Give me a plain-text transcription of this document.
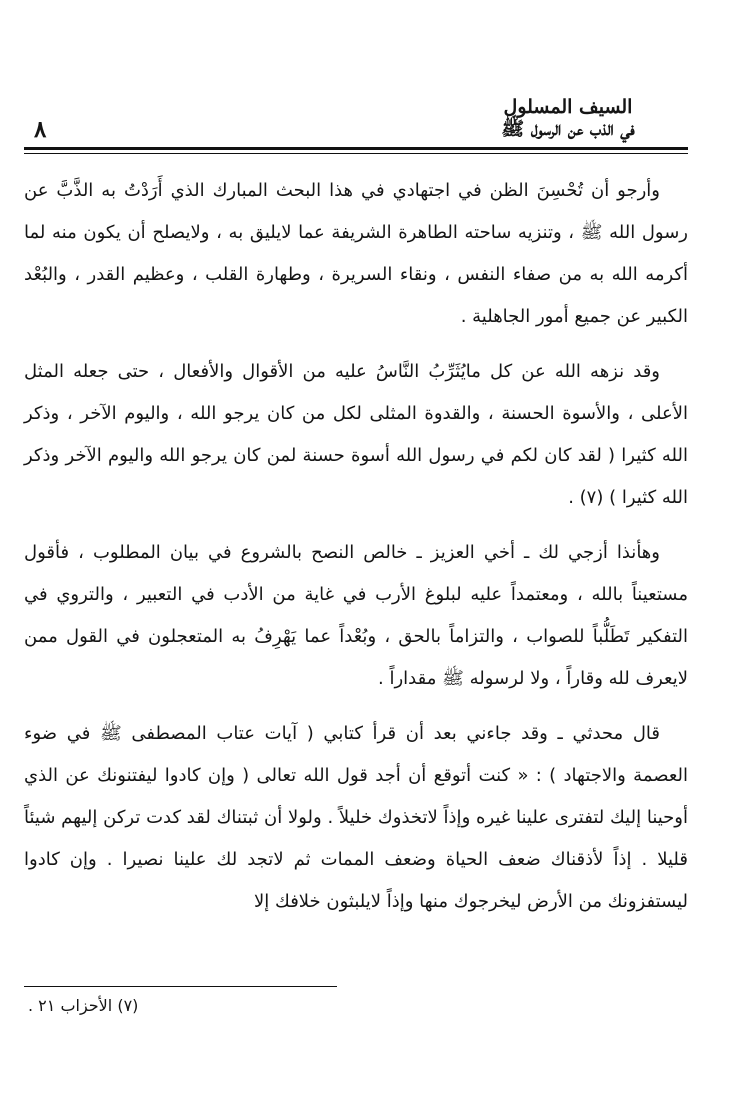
السيف المسلول
في الذب عن الرسول ﷺ
٨

وأرجو أن تُحْسِنَ الظن في اجتهادي في هذا البحث المبارك الذي أَرَدْتُ به الذَّبَّ عن رسول الله ﷺ ، وتنزيه ساحته الطاهرة الشريفة عما لايليق به ، ولايصلح أن يكون منه لما أكرمه الله به من صفاء النفس ، ونقاء السريرة ، وطهارة القلب ، وعظيم القدر ، والبُعْد الكبير عن جميع أمور الجاهلية .

وقد نزهه الله عن كل مايُثَرِّبُ النَّاسُ عليه من الأقوال والأفعال ، حتى جعله المثل الأعلى ، والأسوة الحسنة ، والقدوة المثلى لكل من كان يرجو الله ، واليوم الآخر ، وذكر الله كثيرا ( لقد كان لكم في رسول الله أسوة حسنة لمن كان يرجو الله واليوم الآخر وذكر الله كثيرا ) (٧) .

وهأنذا أزجي لك ـ أخي العزيز ـ خالص النصح بالشروع في بيان المطلوب ، فأقول مستعيناً بالله ، ومعتمداً عليه لبلوغ الأرب في غاية من الأدب في التعبير ، والتروي في التفكير تَطَلُّباً للصواب ، والتزاماً بالحق ، وبُعْداً عما يَهْرِفُ به المتعجلون في القول ممن لايعرف لله وقاراً ، ولا لرسوله ﷺ مقداراً .

قال محدثي ـ وقد جاءني بعد أن قرأ كتابي ( آيات عتاب المصطفى ﷺ في ضوء العصمة والاجتهاد ) : « كنت أتوقع أن أجد قول الله تعالى ( وإن كادوا ليفتنونك عن الذي أوحينا إليك لتفترى علينا غيره وإذاً لاتخذوك خليلاً . ولولا أن ثبتناك لقد كدت تركن إليهم شيئاً قليلا . إذاً لأذقناك ضعف الحياة وضعف الممات ثم لاتجد لك علينا نصيرا . وإن كادوا ليستفزونك من الأرض ليخرجوك منها وإذاً لايلبثون خلافك إلا

(٧) الأحزاب ٢١ .
